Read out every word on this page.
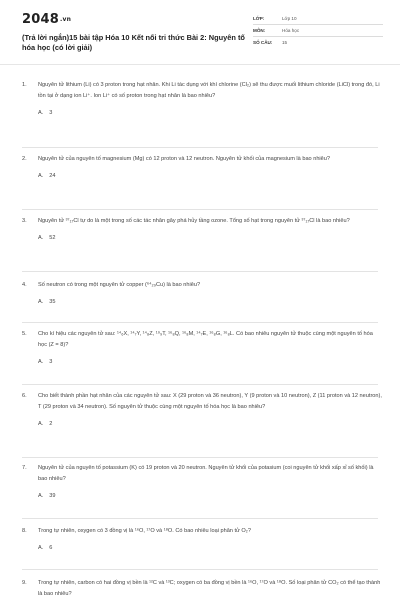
2048.vn
(Trả lời ngắn)15 bài tập Hóa 10 Kết nối tri thức Bài 2: Nguyên tố hóa học (có lời giải)
LỚP:	Lớp 10
MÔN:	Hóa học
SỐ CÂU:	15
1.	Nguyên tử lithium (Li) có 3 proton trong hạt nhân. Khi Li tác dụng với khí chlorine (Cl₂) sẽ thu được muối lithium chloride (LiCl) trong đó, Li tồn tại ở dạng ion Li⁺. Ion Li⁺ có số proton trong hạt nhân là bao nhiêu?
A. 3
2.	Nguyên tử của nguyên tố magnesium (Mg) có 12 proton và 12 neutron. Nguyên tử khối của magnesium là bao nhiêu?
A. 24
3.	Nguyên tử ³⁷₁₇Cl tự do là một trong số các tác nhân gây phá hủy tầng ozone. Tổng số hạt trong nguyên tử ³⁷₁₇Cl là bao nhiêu?
A. 52
4.	Số neutron có trong một nguyên tử copper (⁶⁴₂₉Cu) là bao nhiêu?
A. 35
5.	Cho kí hiệu các nguyên tử sau: ¹⁴₆X, ¹⁴₇Y, ¹⁴₈Z, ¹⁹₉T, ¹⁶₈Q, ¹⁶₈M, ¹⁴₇E, ¹⁶₈G, ¹⁶₈L. Có bao nhiêu nguyên tử thuộc cùng một nguyên tố hóa học (Z = 8)?
A. 3
6.	Cho biết thành phần hạt nhân của các nguyên tử sau: X (29 proton và 36 neutron), Y (9 proton và 10 neutron), Z (11 proton và 12 neutron), T (29 proton và 34 neutron). Số nguyên tử thuộc cùng một nguyên tố hóa học là bao nhiêu?
A. 2
7.	Nguyên tử của nguyên tố potassium (K) có 19 proton và 20 neutron. Nguyên tử khối của potasium (coi nguyên tử khối xấp xỉ số khối) là bao nhiêu?
A. 39
8.	Trong tự nhiên, oxygen có 3 đồng vị là ¹⁶O, ¹⁷O và ¹⁸O. Có bao nhiêu loại phân tử O₂?
A. 6
9.	Trong tự nhiên, carbon có hai đồng vị bền là ¹²C và ¹³C; oxygen có ba đồng vị bền là ¹⁶O, ¹⁷O và ¹⁸O. Số loại phân tử CO₂ có thể tạo thành là bao nhiêu?
